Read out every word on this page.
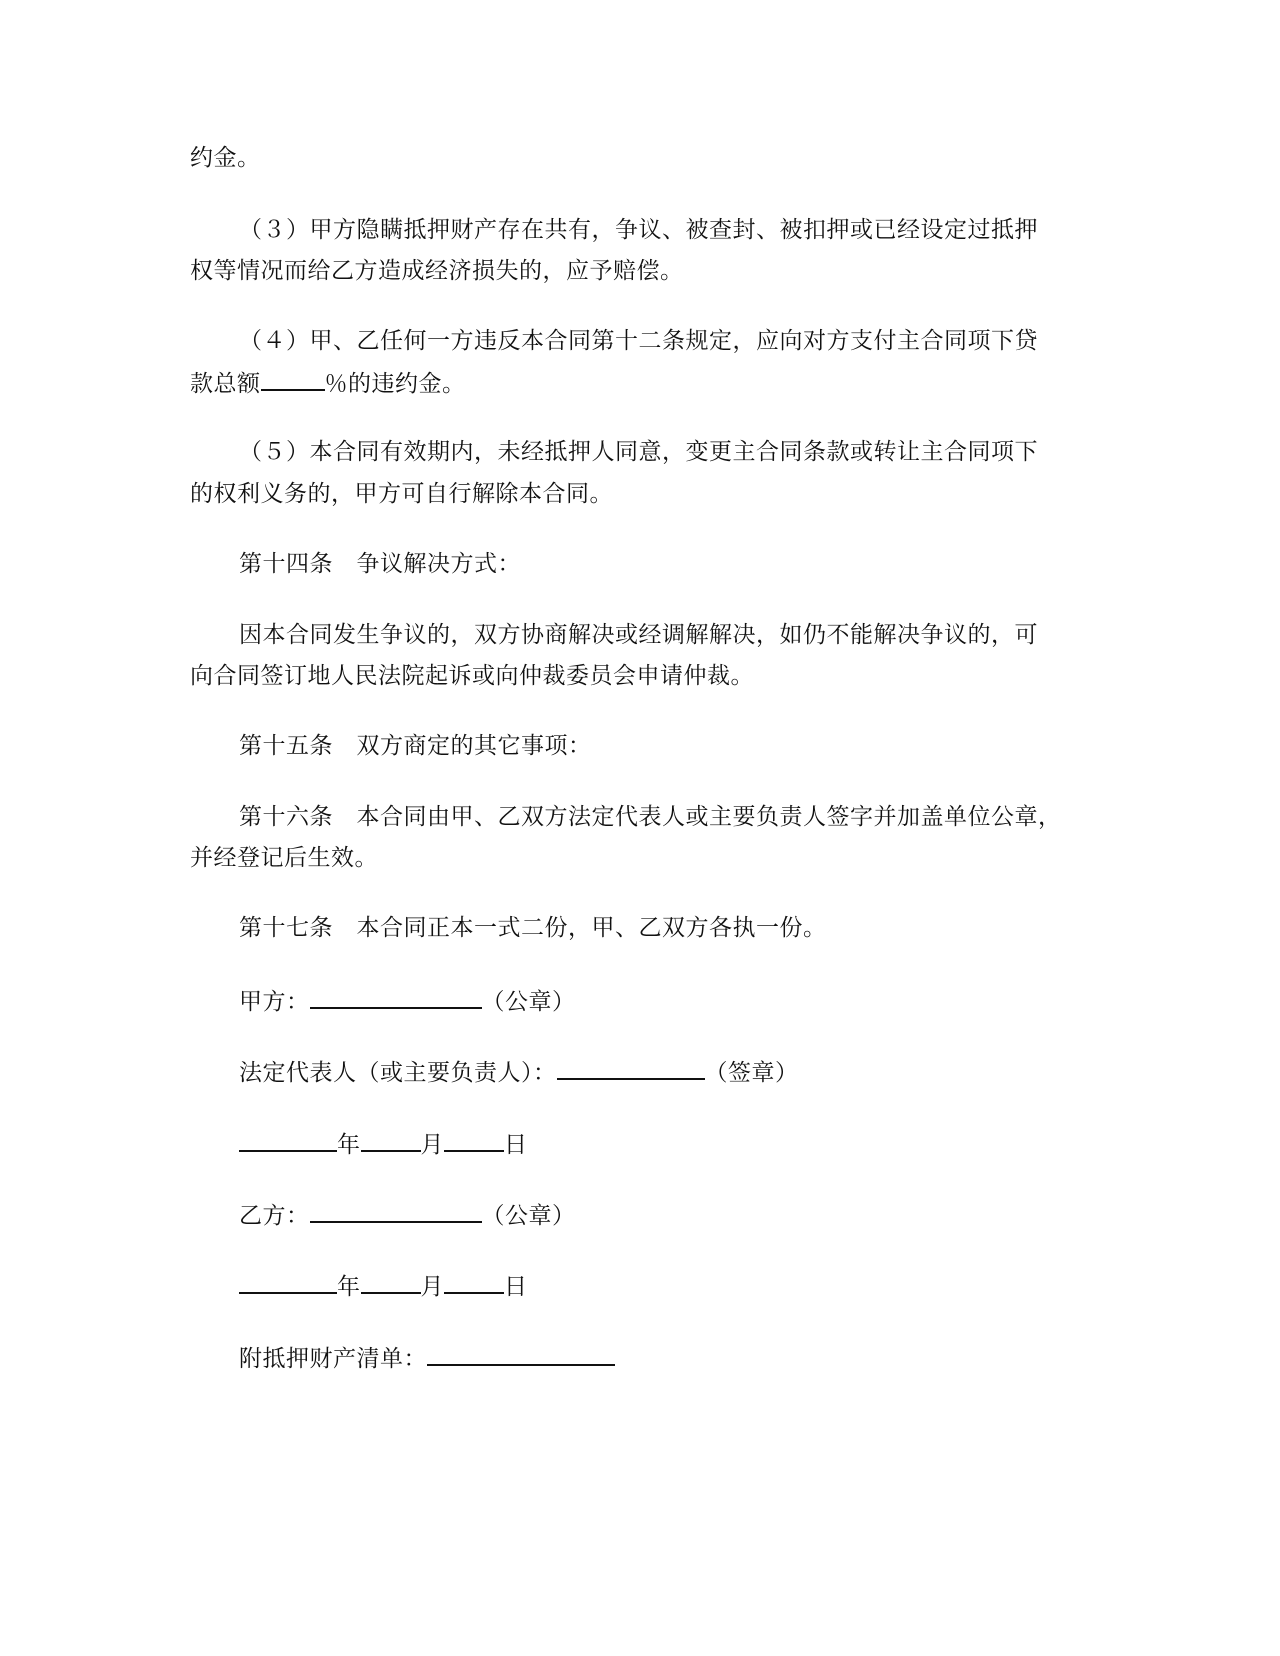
约金。
（３）甲方隐瞒抵押财产存在共有，争议、被查封、被扣押或已经设定过抵押
权等情况而给乙方造成经济损失的，应予赔偿。
（４）甲、乙任何一方违反本合同第十二条规定，应向对方支付主合同项下贷
款总额	％的违约金。
（５）本合同有效期内，未经抵押人同意，变更主合同条款或转让主合同项下
的权利义务的，甲方可自行解除本合同。
第十四条　争议解决方式：
因本合同发生争议的，双方协商解决或经调解解决，如仍不能解决争议的，可
向合同签订地人民法院起诉或向仲裁委员会申请仲裁。
第十五条　双方商定的其它事项：
第十六条　本合同由甲、乙双方法定代表人或主要负责人签字并加盖单位公章，
并经登记后生效。
第十七条　本合同正本一式二份，甲、乙双方各执一份。
甲方：	（公章）
法定代表人（或主要负责人）：	（签章）
年	月	日
乙方：	（公章）
年	月	日
附抵押财产清单：
